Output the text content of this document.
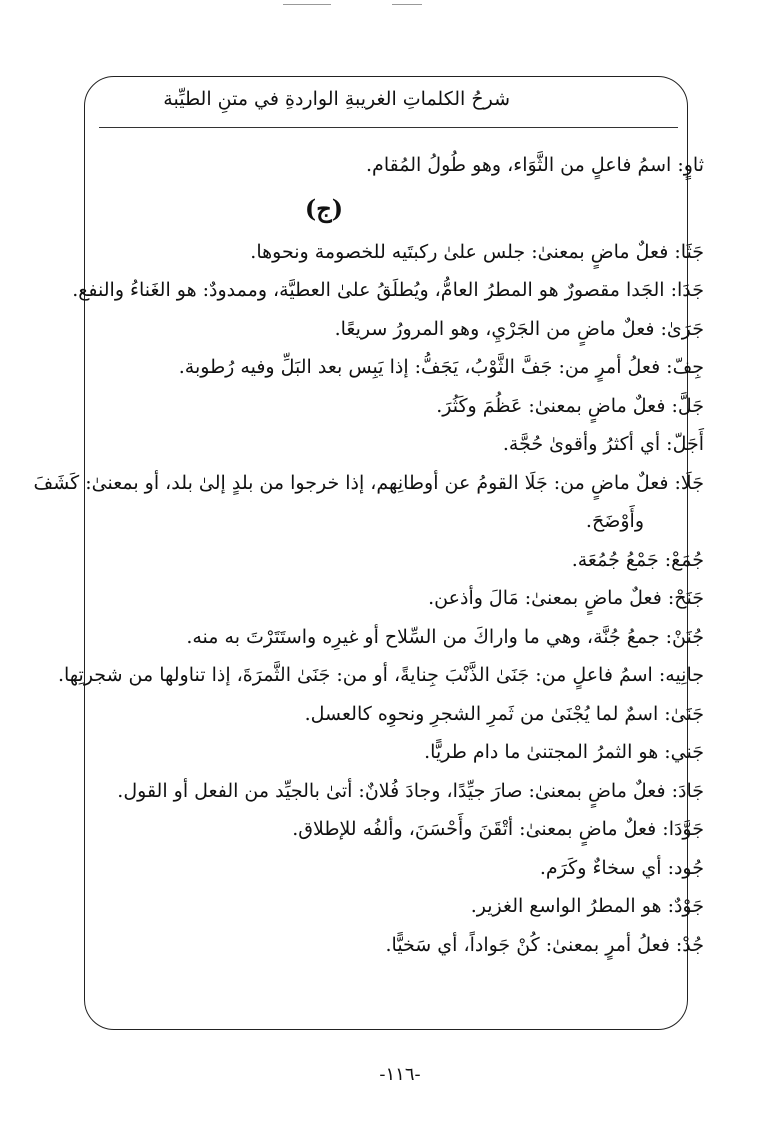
شرحُ الكلماتِ الغريبةِ الواردةِ في متنِ الطيِّبة
ثاوٍ: اسمُ فاعلٍ من الثَّوَاء، وهو طُولُ المُقام.
(ج)
جَثَا: فعلٌ ماضٍ بمعنىٰ: جلس علىٰ ركبتَيه للخصومة ونحوها.
جَدَا: الجَدا مقصورٌ هو المطرُ العامُّ، ويُطلَقُ علىٰ العطيَّة، وممدودٌ: هو الغَناءُ والنفع.
جَرَىٰ: فعلٌ ماضٍ من الجَرْيِ، وهو المرورُ سريعًا.
جِفّ: فعلُ أمرٍ من: جَفَّ الثَّوْبُ، يَجَفُّ: إذا يَبِس بعد البَلِّ وفيه رُطوبة.
جَلَّ: فعلٌ ماضٍ بمعنىٰ: عَظُمَ وكَثُرَ.
أَجَلّ: أي أكثرُ وأقوىٰ حُجَّة.
جَلَا: فعلٌ ماضٍ من: جَلَا القومُ عن أوطانِهم، إذا خرجوا من بلدٍ إلىٰ بلد، أو بمعنىٰ: كَشَفَ
وأَوْضَحَ.
جُمَعْ: جَمْعُ جُمُعَة.
جَنَحْ: فعلٌ ماضٍ بمعنىٰ: مَالَ وأذعن.
جُنَنْ: جمعُ جُنَّة، وهي ما واراكَ من السِّلاح أو غيرِه واستَتَرْتَ به منه.
جانِيه: اسمُ فاعلٍ من: جَنَىٰ الذَّنْبَ جِنايةً، أو من: جَنَىٰ الثَّمرَةَ، إذا تناولها من شجرتِها.
جَنَىٰ: اسمٌ لما يُجْنَىٰ من ثَمرِ الشجرِ ونحوِه كالعسل.
جَني: هو الثمرُ المجتنىٰ ما دام طريًّا.
جَادَ: فعلٌ ماضٍ بمعنىٰ: صارَ جيِّدًا، وجادَ فُلانٌ: أتىٰ بالجيِّد من الفعل أو القول.
جَوَّدَا: فعلٌ ماضٍ بمعنىٰ: أتْقَنَ وأَحْسَنَ، وألفُه للإطلاق.
جُود: أي سخاءٌ وكَرَم.
جَوْدٌ: هو المطرُ الواسع الغزير.
جُدْ: فعلُ أمرٍ بمعنىٰ: كُنْ جَواداً، أي سَخيًّا.
-١١٦-
